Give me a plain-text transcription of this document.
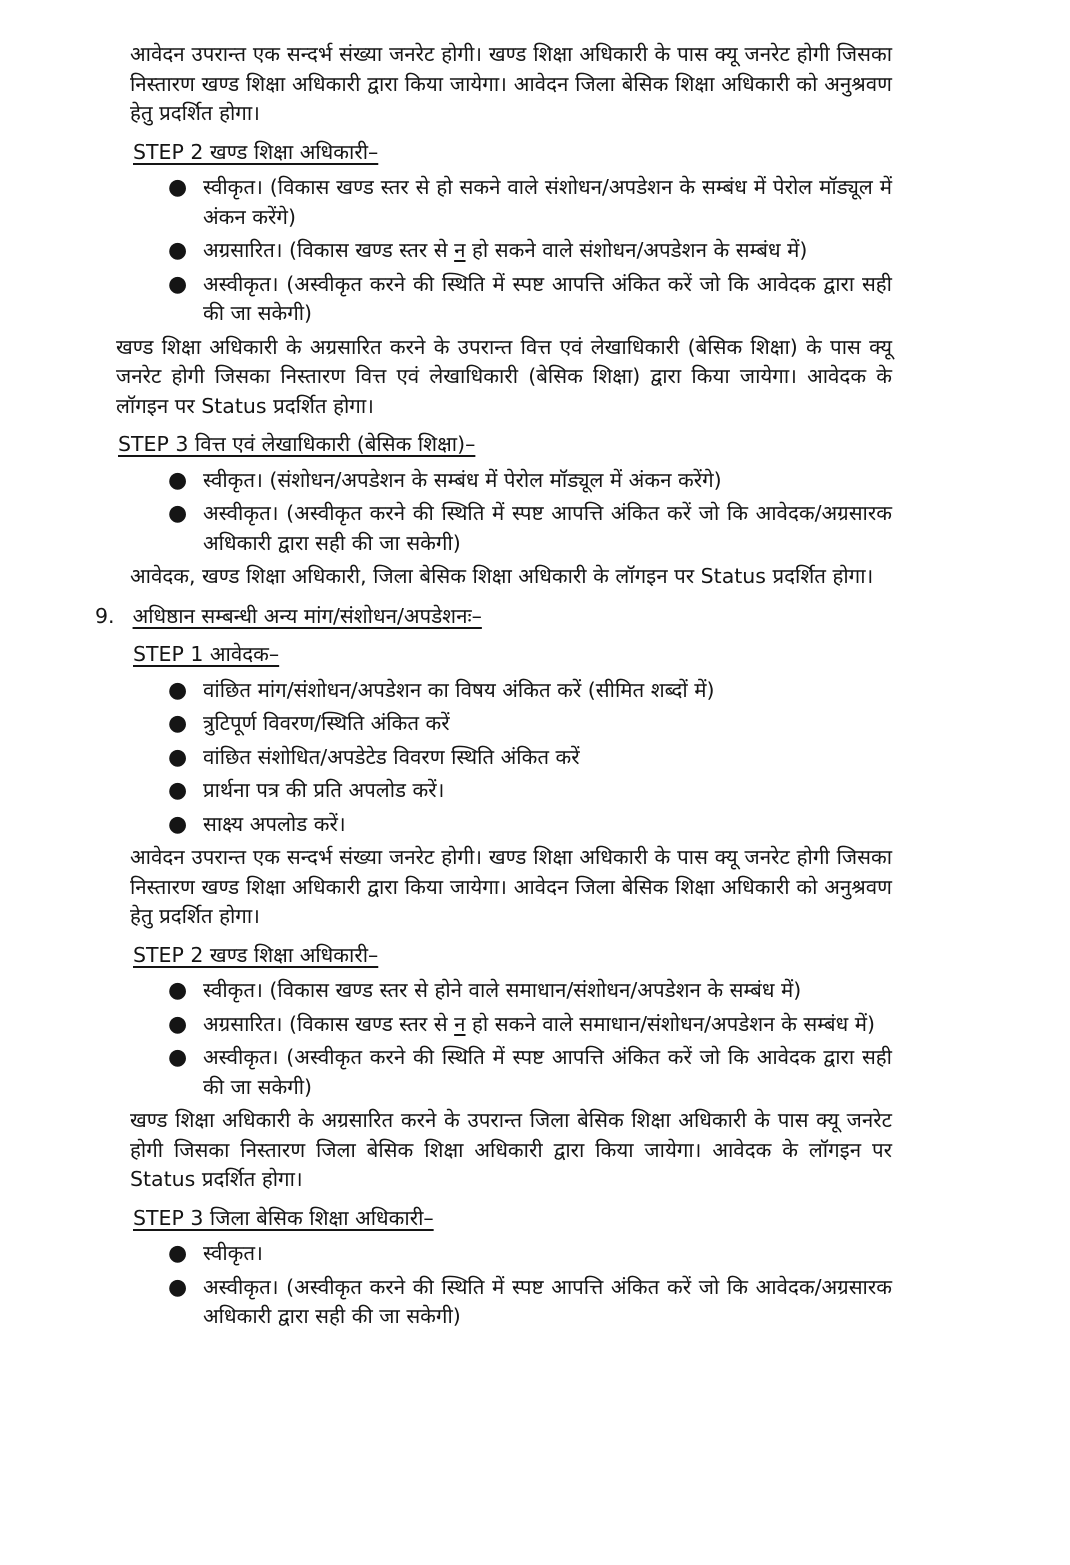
आवेदन उपरान्त एक सन्दर्भ संख्या जनरेट होगी। खण्ड शिक्षा अधिकारी के पास क्यू जनरेट होगी जिसका निस्तारण खण्ड शिक्षा अधिकारी द्वारा किया जायेगा। आवेदन जिला बेसिक शिक्षा अधिकारी को अनुश्रवण हेतु प्रदर्शित होगा।

STEP 2 खण्ड शिक्षा अधिकारी–
● स्वीकृत। (विकास खण्ड स्तर से हो सकने वाले संशोधन/अपडेशन के सम्बंध में पेरोल मॉड्यूल में अंकन करेंगे)
● अग्रसारित। (विकास खण्ड स्तर से न हो सकने वाले संशोधन/अपडेशन के सम्बंध में)
● अस्वीकृत। (अस्वीकृत करने की स्थिति में स्पष्ट आपत्ति अंकित करें जो कि आवेदक द्वारा सही की जा सकेगी)

खण्ड शिक्षा अधिकारी के अग्रसारित करने के उपरान्त वित्त एवं लेखाधिकारी (बेसिक शिक्षा) के पास क्यू जनरेट होगी जिसका निस्तारण वित्त एवं लेखाधिकारी (बेसिक शिक्षा) द्वारा किया जायेगा। आवेदक के लॉगइन पर Status प्रदर्शित होगा।

STEP 3 वित्त एवं लेखाधिकारी (बेसिक शिक्षा)–
● स्वीकृत। (संशोधन/अपडेशन के सम्बंध में पेरोल मॉड्यूल में अंकन करेंगे)
● अस्वीकृत। (अस्वीकृत करने की स्थिति में स्पष्ट आपत्ति अंकित करें जो कि आवेदक/अग्रसारक अधिकारी द्वारा सही की जा सकेगी)

आवेदक, खण्ड शिक्षा अधिकारी, जिला बेसिक शिक्षा अधिकारी के लॉगइन पर Status प्रदर्शित होगा।

9. अधिष्ठान सम्बन्धी अन्य मांग/संशोधन/अपडेशनः–
STEP 1 आवेदक–
● वांछित मांग/संशोधन/अपडेशन का विषय अंकित करें (सीमित शब्दों में)
● त्रुटिपूर्ण विवरण/स्थिति अंकित करें
● वांछित संशोधित/अपडेटेड विवरण स्थिति अंकित करें
● प्रार्थना पत्र की प्रति अपलोड करें।
● साक्ष्य अपलोड करें।

आवेदन उपरान्त एक सन्दर्भ संख्या जनरेट होगी। खण्ड शिक्षा अधिकारी के पास क्यू जनरेट होगी जिसका निस्तारण खण्ड शिक्षा अधिकारी द्वारा किया जायेगा। आवेदन जिला बेसिक शिक्षा अधिकारी को अनुश्रवण हेतु प्रदर्शित होगा।

STEP 2 खण्ड शिक्षा अधिकारी–
● स्वीकृत। (विकास खण्ड स्तर से होने वाले समाधान/संशोधन/अपडेशन के सम्बंध में)
● अग्रसारित। (विकास खण्ड स्तर से न हो सकने वाले समाधान/संशोधन/अपडेशन के सम्बंध में)
● अस्वीकृत। (अस्वीकृत करने की स्थिति में स्पष्ट आपत्ति अंकित करें जो कि आवेदक द्वारा सही की जा सकेगी)

खण्ड शिक्षा अधिकारी के अग्रसारित करने के उपरान्त जिला बेसिक शिक्षा अधिकारी के पास क्यू जनरेट होगी जिसका निस्तारण जिला बेसिक शिक्षा अधिकारी द्वारा किया जायेगा। आवेदक के लॉगइन पर Status प्रदर्शित होगा।

STEP 3 जिला बेसिक शिक्षा अधिकारी–
● स्वीकृत।
● अस्वीकृत। (अस्वीकृत करने की स्थिति में स्पष्ट आपत्ति अंकित करें जो कि आवेदक/अग्रसारक अधिकारी द्वारा सही की जा सकेगी)
